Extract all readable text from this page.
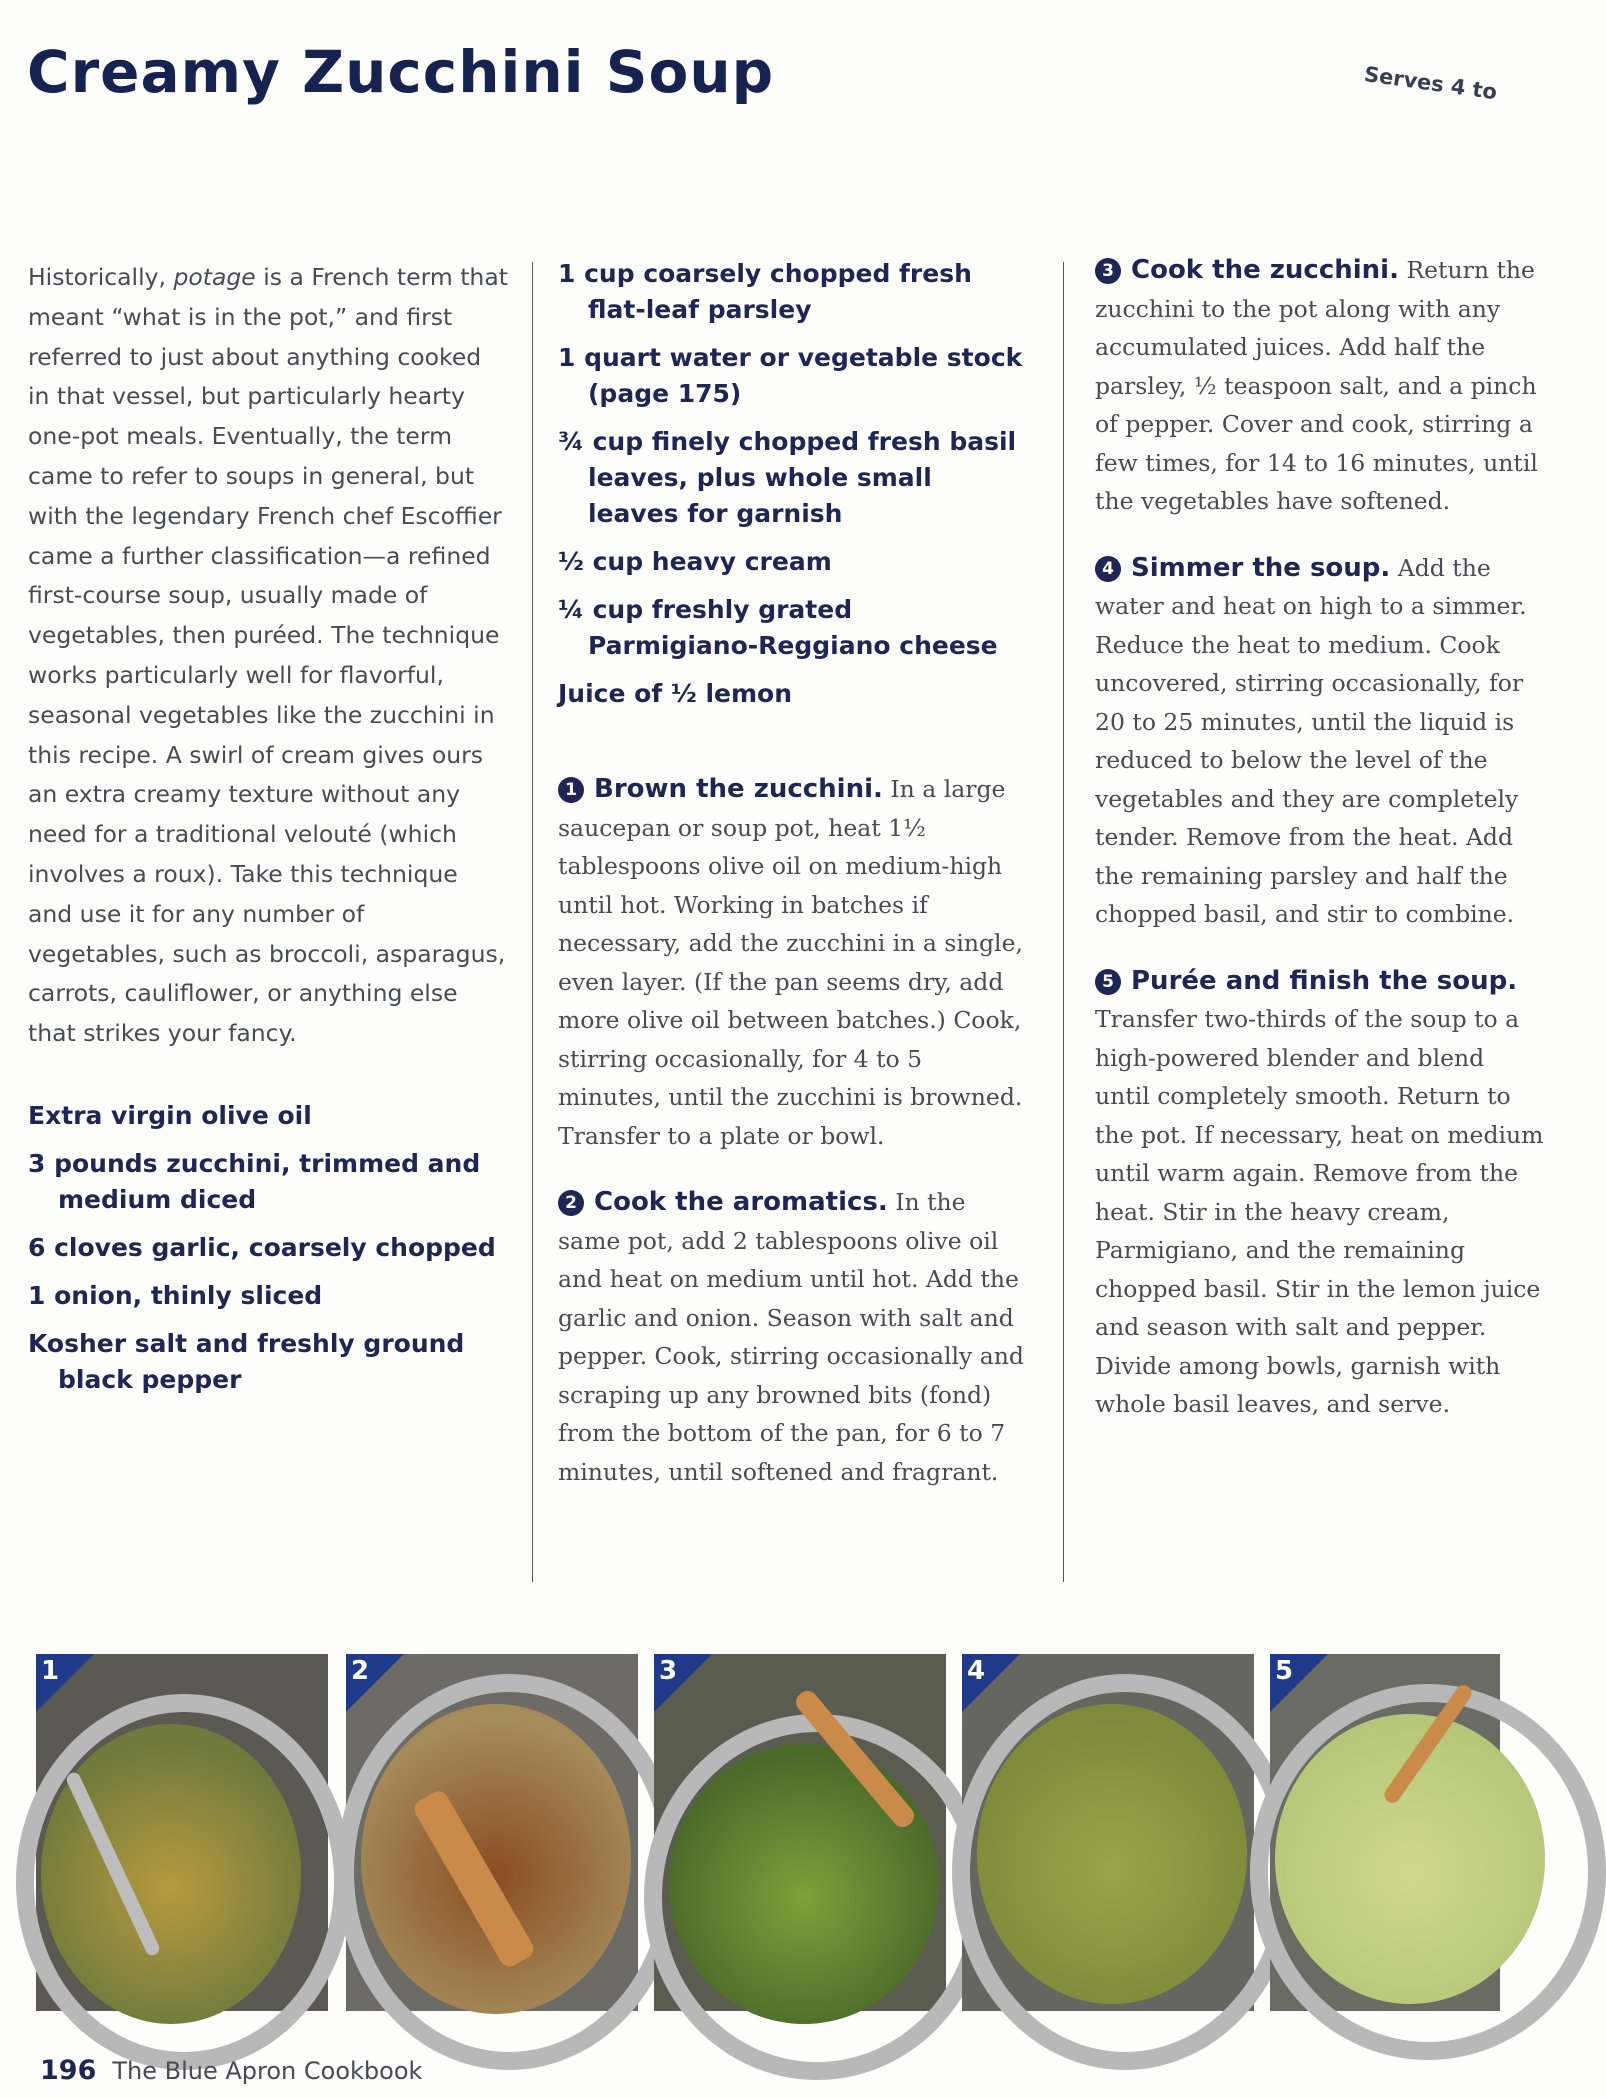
Creamy Zucchini Soup	Serves 4 to

Historically, potage is a French term that meant “what is in the pot,” and first referred to just about anything cooked in that vessel, but particularly hearty one-pot meals. Eventually, the term came to refer to soups in general, but with the legendary French chef Escoffier came a further classification—a refined first-course soup, usually made of vegetables, then puréed. The technique works particularly well for flavorful, seasonal vegetables like the zucchini in this recipe. A swirl of cream gives ours an extra creamy texture without any need for a traditional velouté (which involves a roux). Take this technique and use it for any number of vegetables, such as broccoli, asparagus, carrots, cauliflower, or anything else that strikes your fancy.

Extra virgin olive oil
3 pounds zucchini, trimmed and medium diced
6 cloves garlic, coarsely chopped
1 onion, thinly sliced
Kosher salt and freshly ground black pepper
1 cup coarsely chopped fresh flat-leaf parsley
1 quart water or vegetable stock (page 175)
¾ cup finely chopped fresh basil leaves, plus whole small leaves for garnish
½ cup heavy cream
¼ cup freshly grated Parmigiano-Reggiano cheese
Juice of ½ lemon
1 Brown the zucchini. In a large saucepan or soup pot, heat 1½ tablespoons olive oil on medium-high until hot. Working in batches if necessary, add the zucchini in a single, even layer. (If the pan seems dry, add more olive oil between batches.) Cook, stirring occasionally, for 4 to 5 minutes, until the zucchini is browned. Transfer to a plate or bowl.
2 Cook the aromatics. In the same pot, add 2 tablespoons olive oil and heat on medium until hot. Add the garlic and onion. Season with salt and pepper. Cook, stirring occasionally and scraping up any browned bits (fond) from the bottom of the pan, for 6 to 7 minutes, until softened and fragrant.
3 Cook the zucchini. Return the zucchini to the pot along with any accumulated juices. Add half the parsley, ½ teaspoon salt, and a pinch of pepper. Cover and cook, stirring a few times, for 14 to 16 minutes, until the vegetables have softened.
4 Simmer the soup. Add the water and heat on high to a simmer. Reduce the heat to medium. Cook uncovered, stirring occasionally, for 20 to 25 minutes, until the liquid is reduced to below the level of the vegetables and they are completely tender. Remove from the heat. Add the remaining parsley and half the chopped basil, and stir to combine.
5 Purée and finish the soup. Transfer two-thirds of the soup to a high-powered blender and blend until completely smooth. Return to the pot. If necessary, heat on medium until warm again. Remove from the heat. Stir in the heavy cream, Parmigiano, and the remaining chopped basil. Stir in the lemon juice and season with salt and pepper. Divide among bowls, garnish with whole basil leaves, and serve.
1	2	3	4	5
196 The Blue Apron Cookbook
